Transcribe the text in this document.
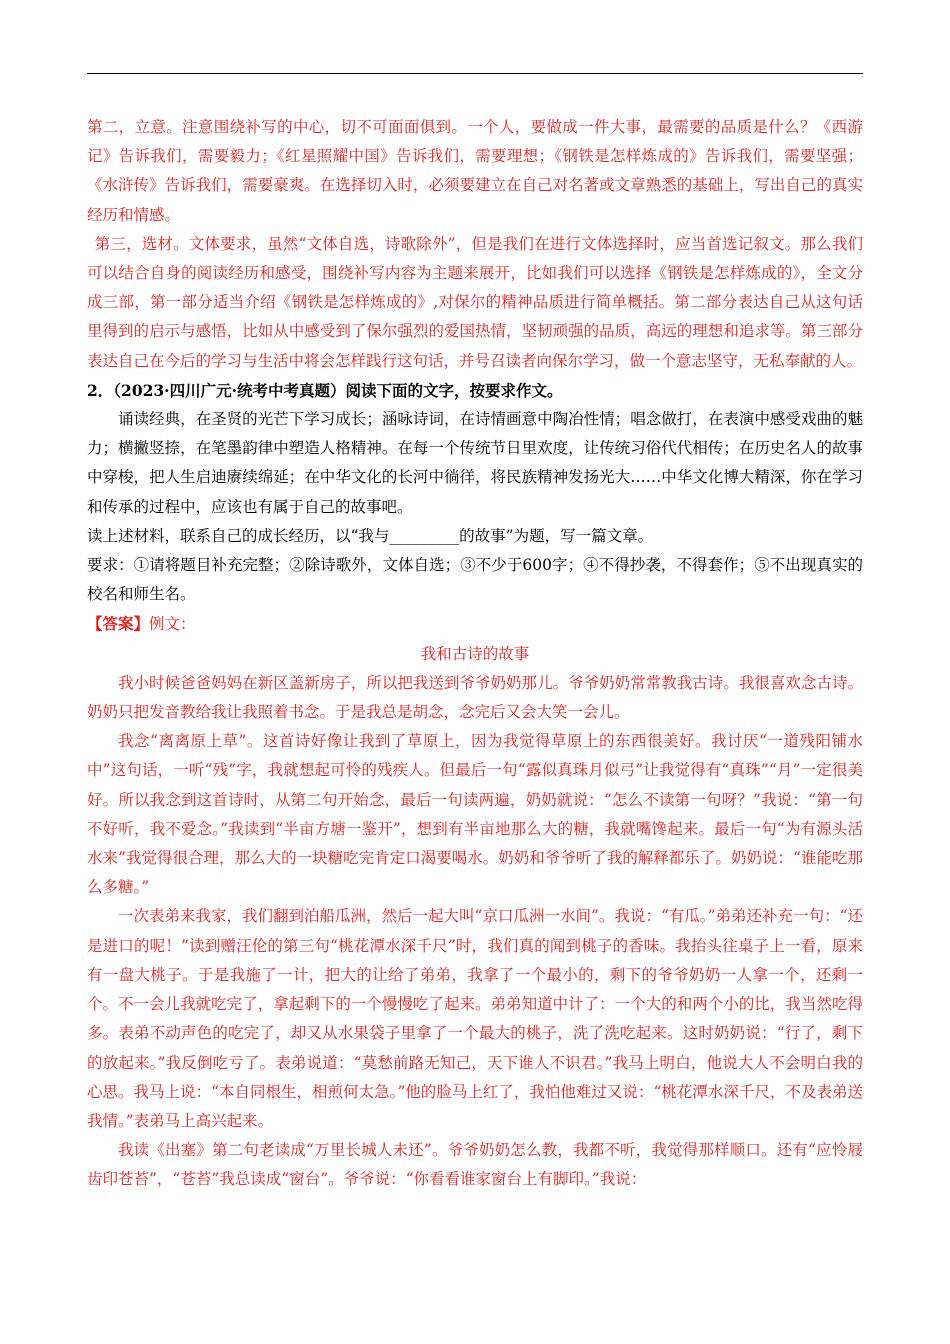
第二，立意。注意围绕补写的中心，切不可面面俱到。一个人，要做成一件大事，最需要的品质是什么？《西游记》告诉我们，需要毅力；《红星照耀中国》告诉我们，需要理想；《钢铁是怎样炼成的》告诉我们，需要坚强；《水浒传》告诉我们，需要豪爽。在选择切入时，必须要建立在自己对名著或文章熟悉的基础上，写出自己的真实经历和情感。

第三，选材。文体要求，虽然“文体自选，诗歌除外”，但是我们在进行文体选择时，应当首选记叙文。那么我们可以结合自身的阅读经历和感受，围绕补写内容为主题来展开，比如我们可以选择《钢铁是怎样炼成的》，全文分成三部，第一部分适当介绍《钢铁是怎样炼成的》,对保尔的精神品质进行简单概括。第二部分表达自己从这句话里得到的启示与感悟，比如从中感受到了保尔强烈的爱国热情，坚韧顽强的品质，高远的理想和追求等。第三部分表达自己在今后的学习与生活中将会怎样践行这句话，并号召读者向保尔学习，做一个意志坚守，无私奉献的人。

2．（2023·四川广元·统考中考真题）阅读下面的文字，按要求作文。

诵读经典，在圣贤的光芒下学习成长；涵咏诗词，在诗情画意中陶冶性情；唱念做打，在表演中感受戏曲的魅力；横撇竖捺，在笔墨韵律中塑造人格精神。在每一个传统节日里欢度，让传统习俗代代相传；在历史名人的故事中穿梭，把人生启迪赓续绵延；在中华文化的长河中徜徉，将民族精神发扬光大……中华文化博大精深，你在学习和传承的过程中，应该也有属于自己的故事吧。

读上述材料，联系自己的成长经历，以“我与_________的故事”为题，写一篇文章。

要求：①请将题目补充完整；②除诗歌外，文体自选；③不少于600字；④不得抄袭，不得套作；⑤不出现真实的校名和师生名。

【答案】例文：

我和古诗的故事

我小时候爸爸妈妈在新区盖新房子，所以把我送到爷爷奶奶那儿。爷爷奶奶常常教我古诗。我很喜欢念古诗。奶奶只把发音教给我让我照着书念。于是我总是胡念，念完后又会大笑一会儿。

我念“离离原上草”。这首诗好像让我到了草原上，因为我觉得草原上的东西很美好。我讨厌“一道残阳铺水中”这句话，一听“残”字，我就想起可怜的残疾人。但最后一句“露似真珠月似弓”让我觉得有“真珠”“月”一定很美好。所以我念到这首诗时，从第二句开始念，最后一句读两遍，奶奶就说：“怎么不读第一句呀？”我说：“第一句不好听，我不爱念。”我读到“半亩方塘一鉴开”，想到有半亩地那么大的糖，我就嘴馋起来。最后一句“为有源头活水来”我觉得很合理，那么大的一块糖吃完肯定口渴要喝水。奶奶和爷爷听了我的解释都乐了。奶奶说：“谁能吃那么多糖。”

一次表弟来我家，我们翻到泊船瓜洲，然后一起大叫“京口瓜洲一水间”。我说：“有瓜。”弟弟还补充一句：“还是进口的呢！”读到赠汪伦的第三句“桃花潭水深千尺”时，我们真的闻到桃子的香味。我抬头往桌子上一看，原来有一盘大桃子。于是我施了一计，把大的让给了弟弟，我拿了一个最小的，剩下的爷爷奶奶一人拿一个，还剩一个。不一会儿我就吃完了，拿起剩下的一个慢慢吃了起来。弟弟知道中计了：一个大的和两个小的比，我当然吃得多。表弟不动声色的吃完了，却又从水果袋子里拿了一个最大的桃子，洗了洗吃起来。这时奶奶说：“行了，剩下的放起来。”我反倒吃亏了。表弟说道：“莫愁前路无知己，天下谁人不识君。”我马上明白，他说大人不会明白我的心思。我马上说：“本自同根生，相煎何太急。”他的脸马上红了，我怕他难过又说：“桃花潭水深千尺，不及表弟送我情。”表弟马上高兴起来。

我读《出塞》第二句老读成“万里长城人未还”。爷爷奶奶怎么教，我都不听，我觉得那样顺口。还有“应怜屐齿印苍苔”，“苍苔”我总读成“窗台”。爷爷说：“你看看谁家窗台上有脚印。”我说：
